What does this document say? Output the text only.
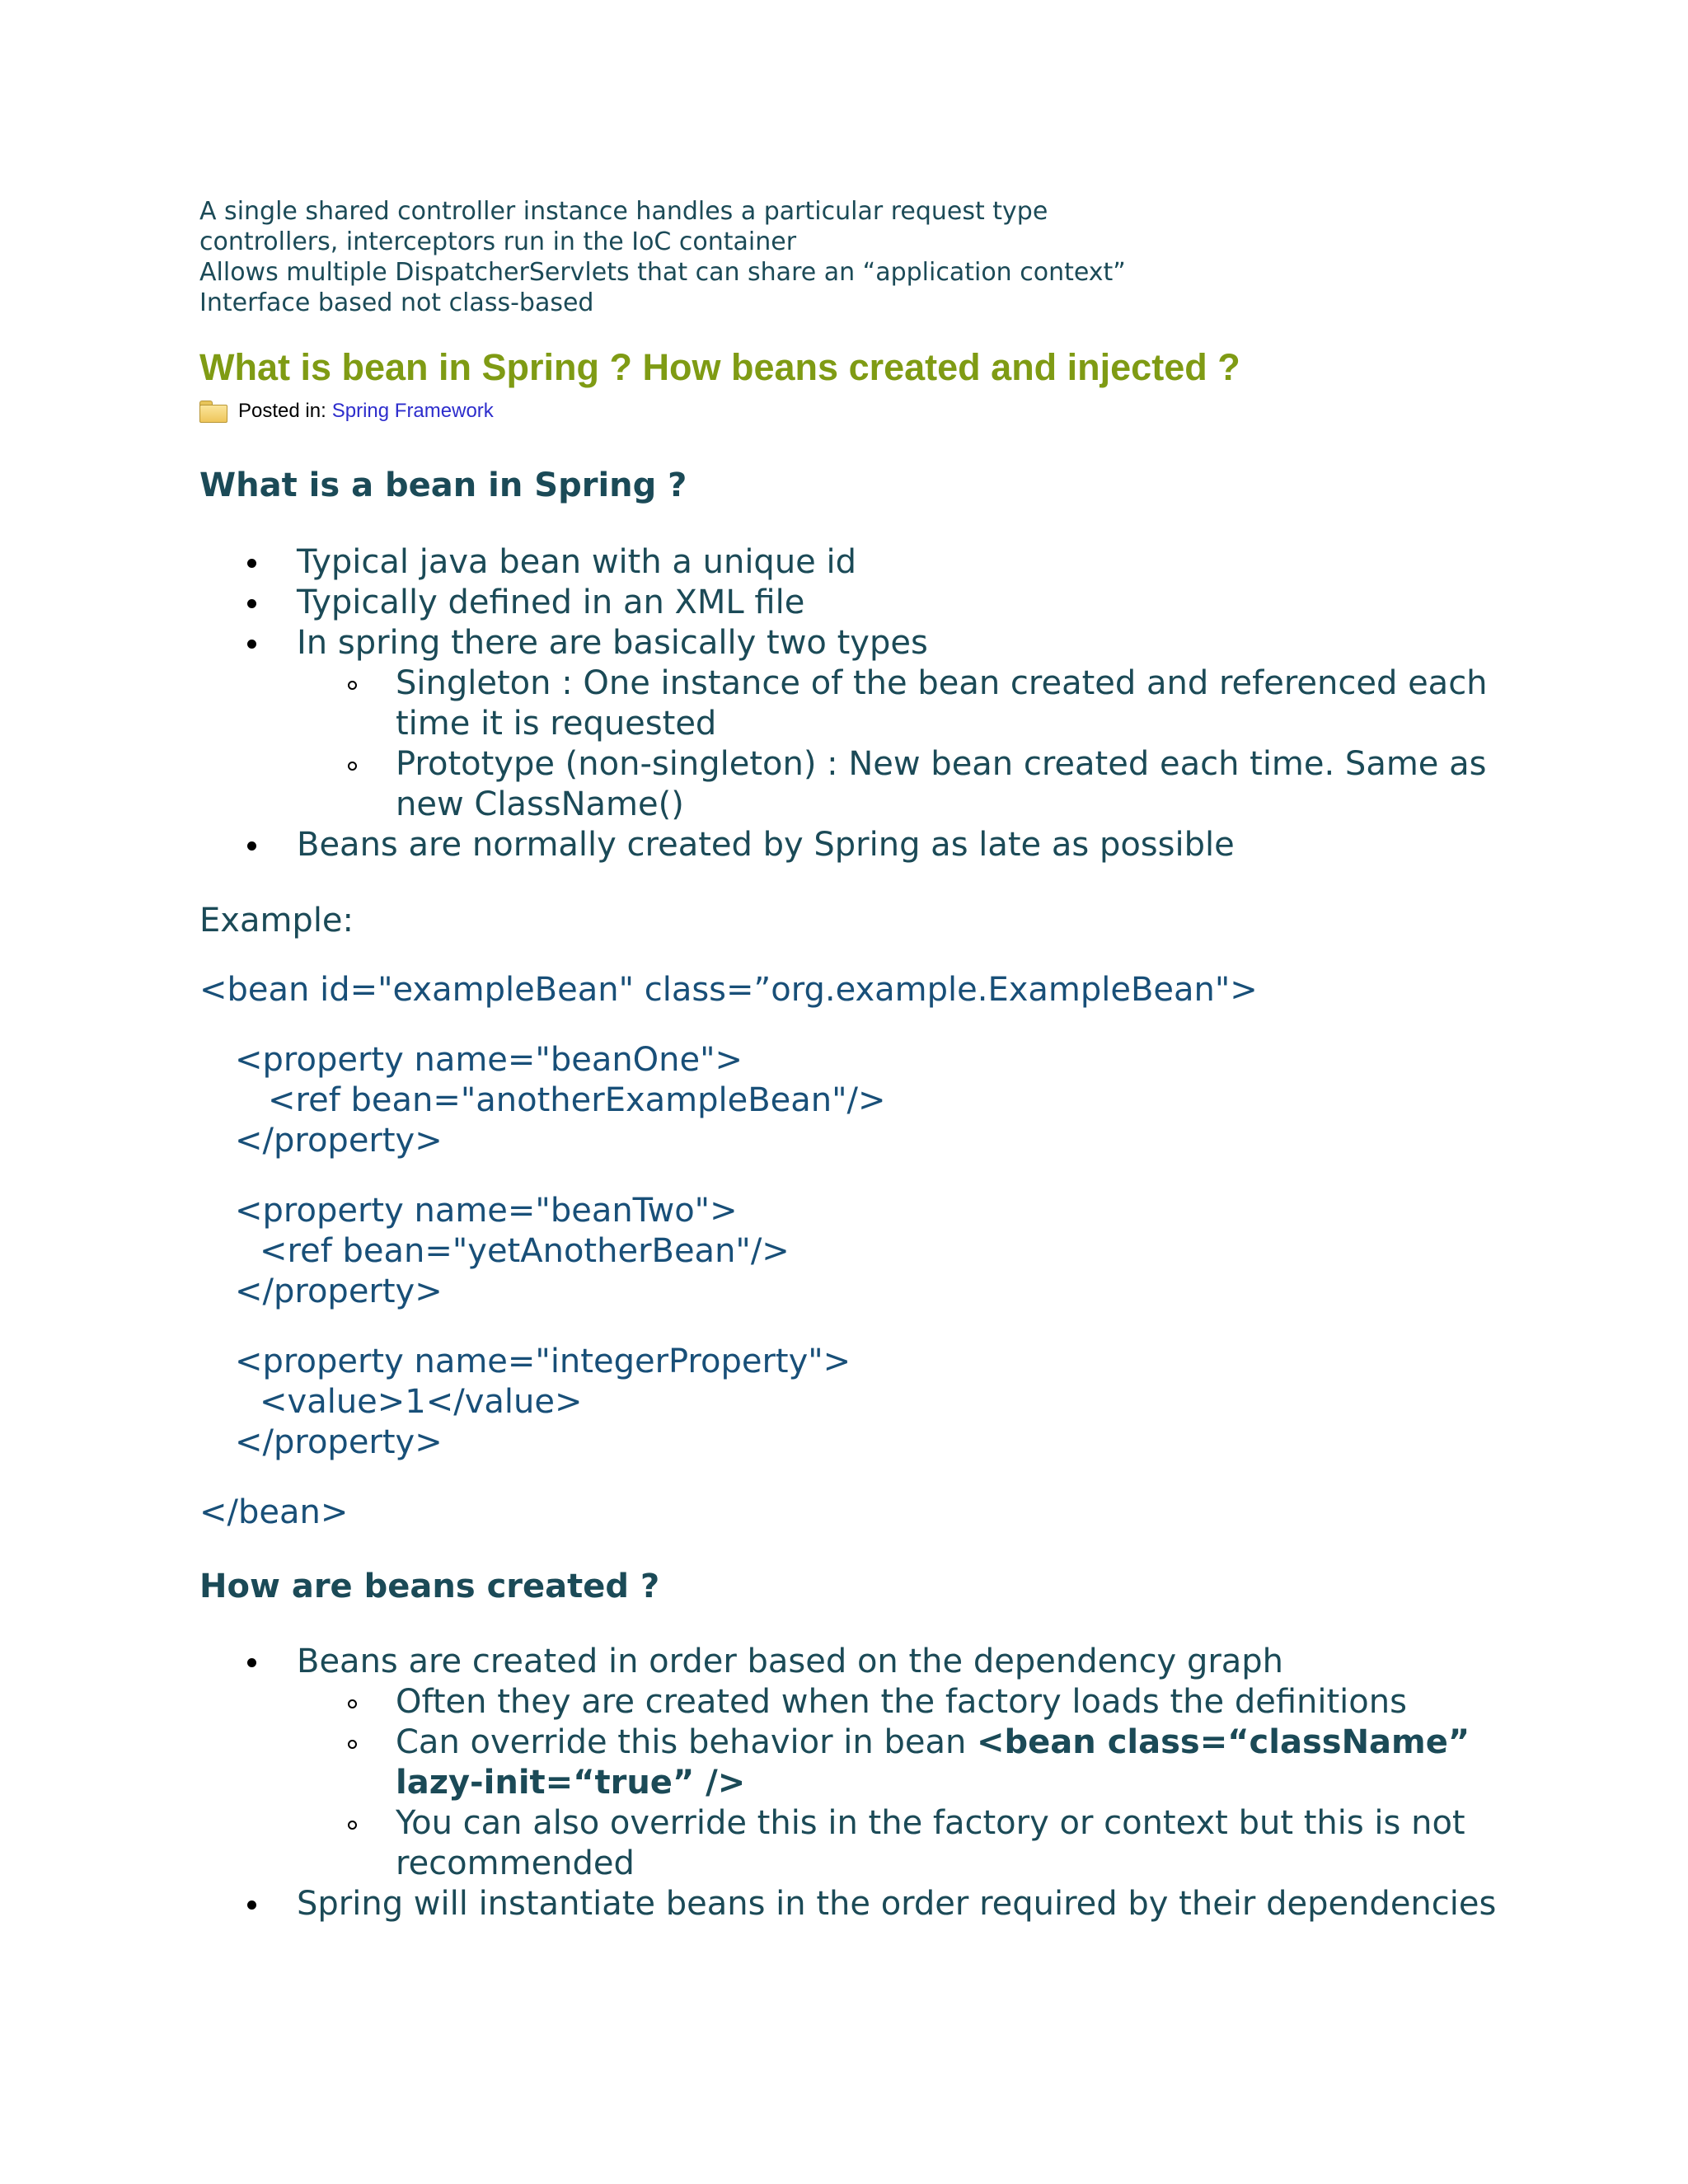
A single shared controller instance handles a particular request type

controllers, interceptors run in the IoC container

Allows multiple DispatcherServlets that can share an “application context”

Interface based not class-based

What is bean in Spring ? How beans created and injected ?
Posted in: Spring Framework
What is a bean in Spring ?
Typical java bean with a unique id
Typically defined in an XML file
In spring there are basically two types
Singleton : One instance of the bean created and referenced each time it is requested
Prototype (non-singleton) : New bean created each time. Same as new ClassName()
Beans are normally created by Spring as late as possible

Example:

<bean id="exampleBean" class=”org.example.ExampleBean">

<property name="beanOne">

<ref bean="anotherExampleBean"/>

</property>

<property name="beanTwo">

<ref bean="yetAnotherBean"/>

</property>

<property name="integerProperty">

<value>1</value>

</property>

</bean>

How are beans created ?
Beans are created in order based on the dependency graph
Often they are created when the factory loads the definitions
Can override this behavior in bean <bean class=“className” lazy-init=“true” />
You can also override this in the factory or context but this is not recommended
Spring will instantiate beans in the order required by their dependencies
